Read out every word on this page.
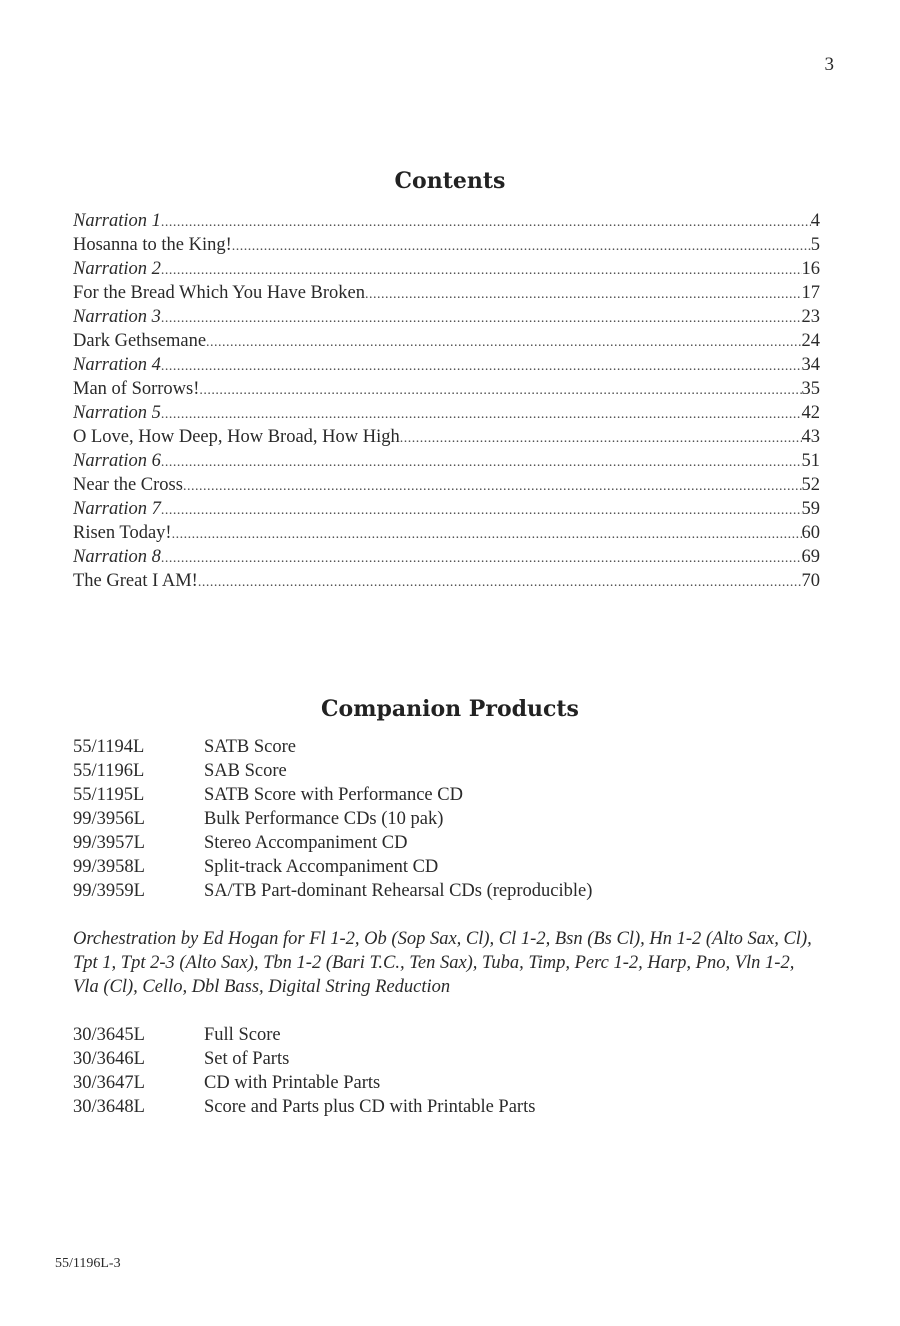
3
Contents
Narration 1 .....	4
Hosanna to the King! .....	5
Narration 2 .....	16
For the Bread Which You Have Broken .....	17
Narration 3 .....	23
Dark Gethsemane .....	24
Narration 4 .....	34
Man of Sorrows! .....	35
Narration 5 .....	42
O Love, How Deep, How Broad, How High .....	43
Narration 6 .....	51
Near the Cross .....	52
Narration 7 .....	59
Risen Today! .....	60
Narration 8 .....	69
The Great I AM! .....	70
Companion Products
55/1194L	SATB Score
55/1196L	SAB Score
55/1195L	SATB Score with Performance CD
99/3956L	Bulk Performance CDs (10 pak)
99/3957L	Stereo Accompaniment CD
99/3958L	Split-track Accompaniment CD
99/3959L	SA/TB Part-dominant Rehearsal CDs (reproducible)

Orchestration by Ed Hogan for Fl 1-2, Ob (Sop Sax, Cl), Cl 1-2, Bsn (Bs Cl), Hn 1-2 (Alto Sax, Cl), Tpt 1, Tpt 2-3 (Alto Sax), Tbn 1-2 (Bari T.C., Ten Sax), Tuba, Timp, Perc 1-2, Harp, Pno, Vln 1-2, Vla (Cl), Cello, Dbl Bass, Digital String Reduction

30/3645L	Full Score
30/3646L	Set of Parts
30/3647L	CD with Printable Parts
30/3648L	Score and Parts plus CD with Printable Parts
55/1196L-3
